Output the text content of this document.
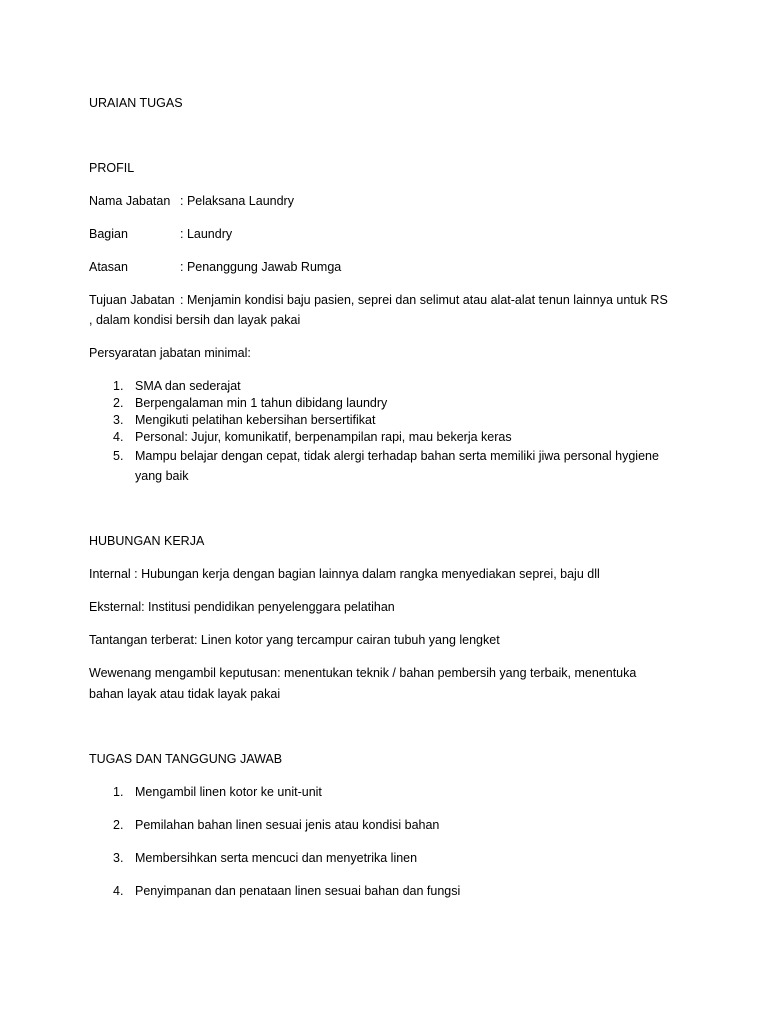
URAIAN TUGAS
PROFIL
Nama Jabatan : Pelaksana Laundry
Bagian	: Laundry
Atasan	: Penanggung Jawab Rumga
Tujuan Jabatan : Menjamin kondisi baju pasien, seprei dan selimut atau alat-alat tenun lainnya untuk RS
, dalam kondisi bersih dan layak pakai
Persyaratan jabatan minimal:
1. SMA dan sederajat
2. Berpengalaman min 1 tahun dibidang laundry
3. Mengikuti pelatihan kebersihan bersertifikat
4. Personal: Jujur, komunikatif, berpenampilan rapi, mau bekerja keras
5. Mampu belajar dengan cepat, tidak alergi terhadap bahan serta memiliki jiwa personal hygiene
yang baik
HUBUNGAN KERJA
Internal : Hubungan kerja dengan bagian lainnya dalam rangka menyediakan seprei, baju dll
Eksternal: Institusi pendidikan penyelenggara pelatihan
Tantangan terberat: Linen kotor yang tercampur cairan tubuh yang lengket
Wewenang mengambil keputusan: menentukan teknik / bahan pembersih yang terbaik, menentuka
bahan layak atau tidak layak pakai
TUGAS DAN TANGGUNG JAWAB
1. Mengambil linen kotor ke unit-unit
2. Pemilahan bahan linen sesuai jenis atau kondisi bahan
3. Membersihkan serta mencuci dan menyetrika linen
4. Penyimpanan dan penataan linen sesuai bahan dan fungsi
